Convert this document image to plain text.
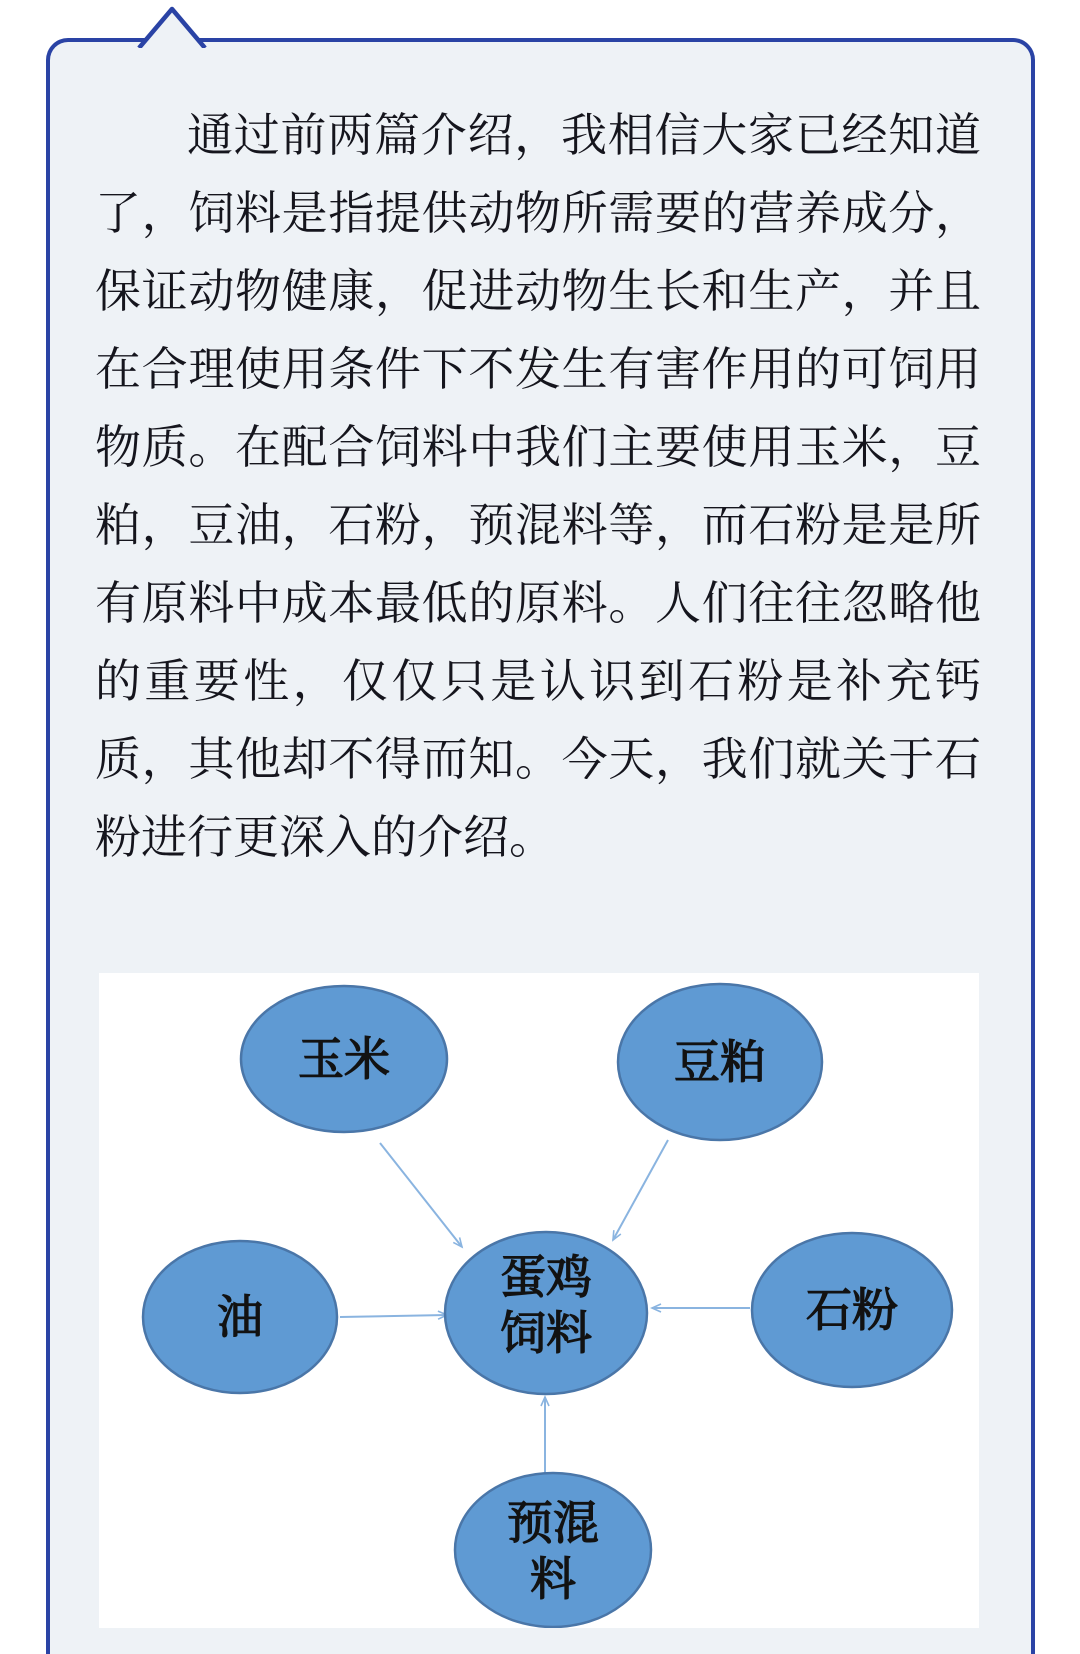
通过前两篇介绍，我相信大家已经知道了，饲料是指提供动物所需要的营养成分，保证动物健康，促进动物生长和生产，并且在合理使用条件下不发生有害作用的可饲用物质。在配合饲料中我们主要使用玉米，豆粕，豆油，石粉，预混料等，而石粉是是所有原料中成本最低的原料。人们往往忽略他的重要性，仅仅只是认识到石粉是补充钙质，其他却不得而知。今天，我们就关于石粉进行更深入的介绍。

玉米	豆粕
油
蛋鸡
饲料	石粉
预混
料
